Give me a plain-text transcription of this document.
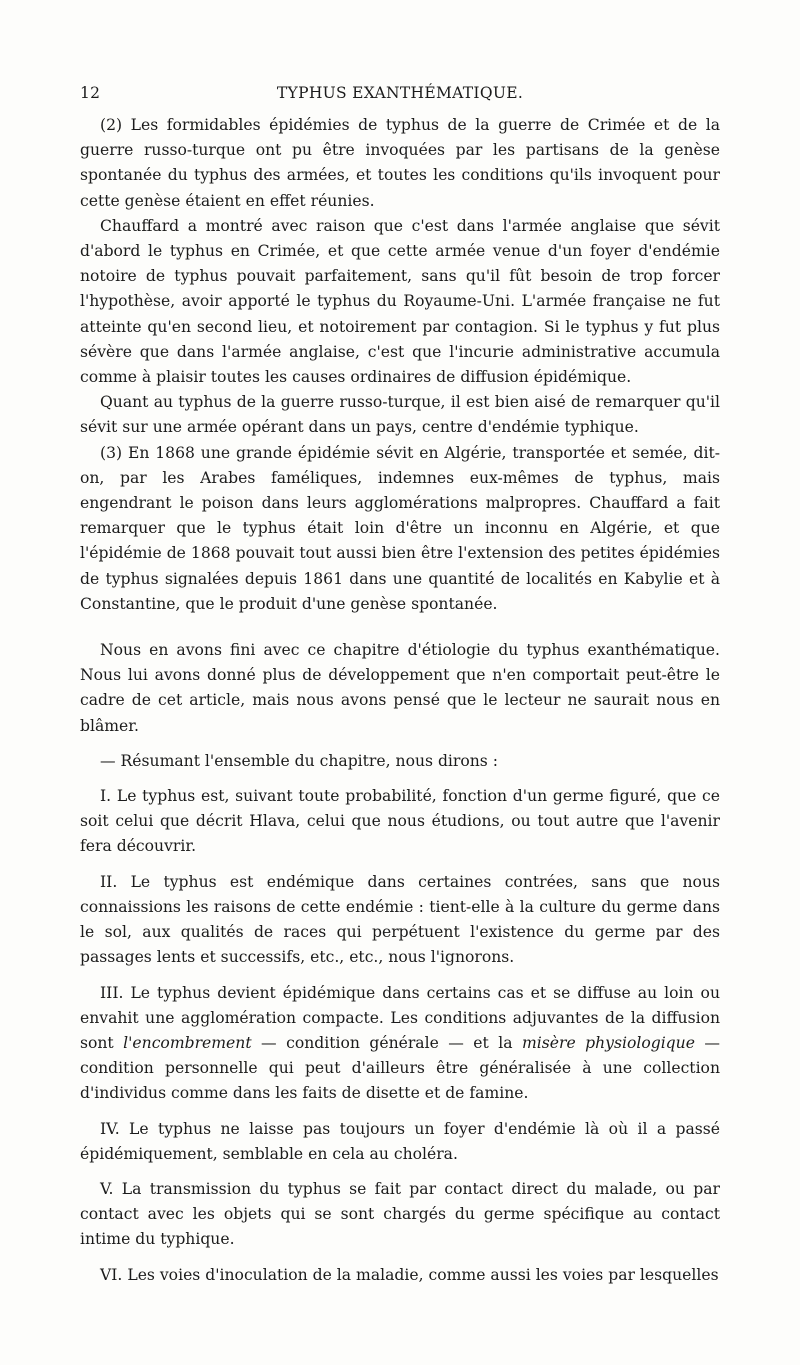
12	TYPHUS EXANTHÉMATIQUE.

(2) Les formidables épidémies de typhus de la guerre de Crimée et de la guerre russo-turque ont pu être invoquées par les partisans de la genèse spontanée du typhus des armées, et toutes les conditions qu'ils invoquent pour cette genèse étaient en effet réunies.

Chauffard a montré avec raison que c'est dans l'armée anglaise que sévit d'abord le typhus en Crimée, et que cette armée venue d'un foyer d'endémie notoire de typhus pouvait parfaitement, sans qu'il fût besoin de trop forcer l'hypothèse, avoir apporté le typhus du Royaume-Uni. L'armée française ne fut atteinte qu'en second lieu, et notoirement par contagion. Si le typhus y fut plus sévère que dans l'armée anglaise, c'est que l'incurie administrative accumula comme à plaisir toutes les causes ordinaires de diffusion épidémique.

Quant au typhus de la guerre russo-turque, il est bien aisé de remarquer qu'il sévit sur une armée opérant dans un pays, centre d'endémie typhique.

(3) En 1868 une grande épidémie sévit en Algérie, transportée et semée, dit-on, par les Arabes faméliques, indemnes eux-mêmes de typhus, mais engendrant le poison dans leurs agglomérations malpropres. Chauffard a fait remarquer que le typhus était loin d'être un inconnu en Algérie, et que l'épidémie de 1868 pouvait tout aussi bien être l'extension des petites épidémies de typhus signalées depuis 1861 dans une quantité de localités en Kabylie et à Constantine, que le produit d'une genèse spontanée.

Nous en avons fini avec ce chapitre d'étiologie du typhus exanthématique. Nous lui avons donné plus de développement que n'en comportait peut-être le cadre de cet article, mais nous avons pensé que le lecteur ne saurait nous en blâmer.

— Résumant l'ensemble du chapitre, nous dirons :

I. Le typhus est, suivant toute probabilité, fonction d'un germe figuré, que ce soit celui que décrit Hlava, celui que nous étudions, ou tout autre que l'avenir fera découvrir.

II. Le typhus est endémique dans certaines contrées, sans que nous connaissions les raisons de cette endémie : tient-elle à la culture du germe dans le sol, aux qualités de races qui perpétuent l'existence du germe par des passages lents et successifs, etc., etc., nous l'ignorons.

III. Le typhus devient épidémique dans certains cas et se diffuse au loin ou envahit une agglomération compacte. Les conditions adjuvantes de la diffusion sont l'encombrement — condition générale — et la misère physiologique — condition personnelle qui peut d'ailleurs être généralisée à une collection d'individus comme dans les faits de disette et de famine.

IV. Le typhus ne laisse pas toujours un foyer d'endémie là où il a passé épidémiquement, semblable en cela au choléra.

V. La transmission du typhus se fait par contact direct du malade, ou par contact avec les objets qui se sont chargés du germe spécifique au contact intime du typhique.

VI. Les voies d'inoculation de la maladie, comme aussi les voies par lesquelles
